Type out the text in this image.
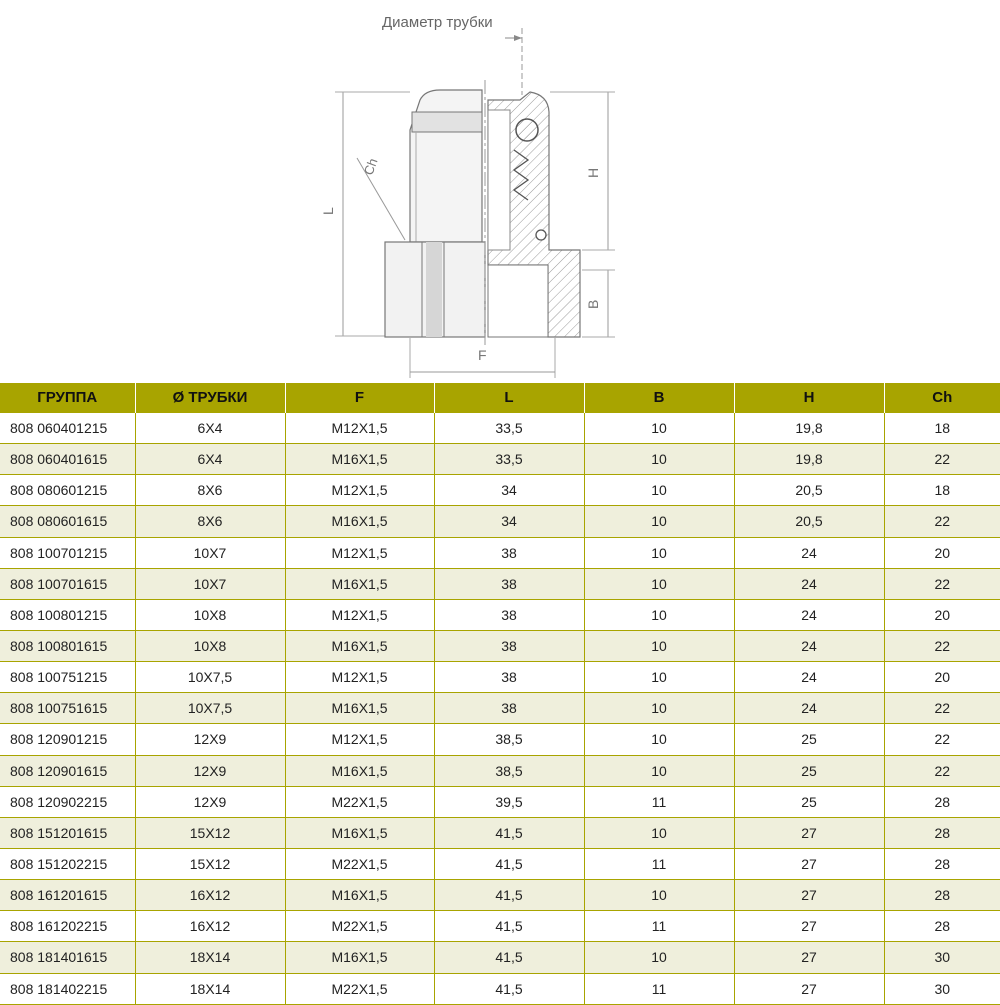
Диаметр трубки
L
Ch	H
B
F
ГРУППА	Ø ТРУБКИ	F	L	B	H	Ch
808 060401215	6X4	M12X1,5	33,5	10	19,8	18
808 060401615	6X4	M16X1,5	33,5	10	19,8	22
808 080601215	8X6	M12X1,5	34	10	20,5	18
808 080601615	8X6	M16X1,5	34	10	20,5	22
808 100701215	10X7	M12X1,5	38	10	24	20
808 100701615	10X7	M16X1,5	38	10	24	22
808 100801215	10X8	M12X1,5	38	10	24	20
808 100801615	10X8	M16X1,5	38	10	24	22
808 100751215	10X7,5	M12X1,5	38	10	24	20
808 100751615	10X7,5	M16X1,5	38	10	24	22
808 120901215	12X9	M12X1,5	38,5	10	25	22
808 120901615	12X9	M16X1,5	38,5	10	25	22
808 120902215	12X9	M22X1,5	39,5	11	25	28
808 151201615	15X12	M16X1,5	41,5	10	27	28
808 151202215	15X12	M22X1,5	41,5	11	27	28
808 161201615	16X12	M16X1,5	41,5	10	27	28
808 161202215	16X12	M22X1,5	41,5	11	27	28
808 181401615	18X14	M16X1,5	41,5	10	27	30
808 181402215	18X14	M22X1,5	41,5	11	27	30
